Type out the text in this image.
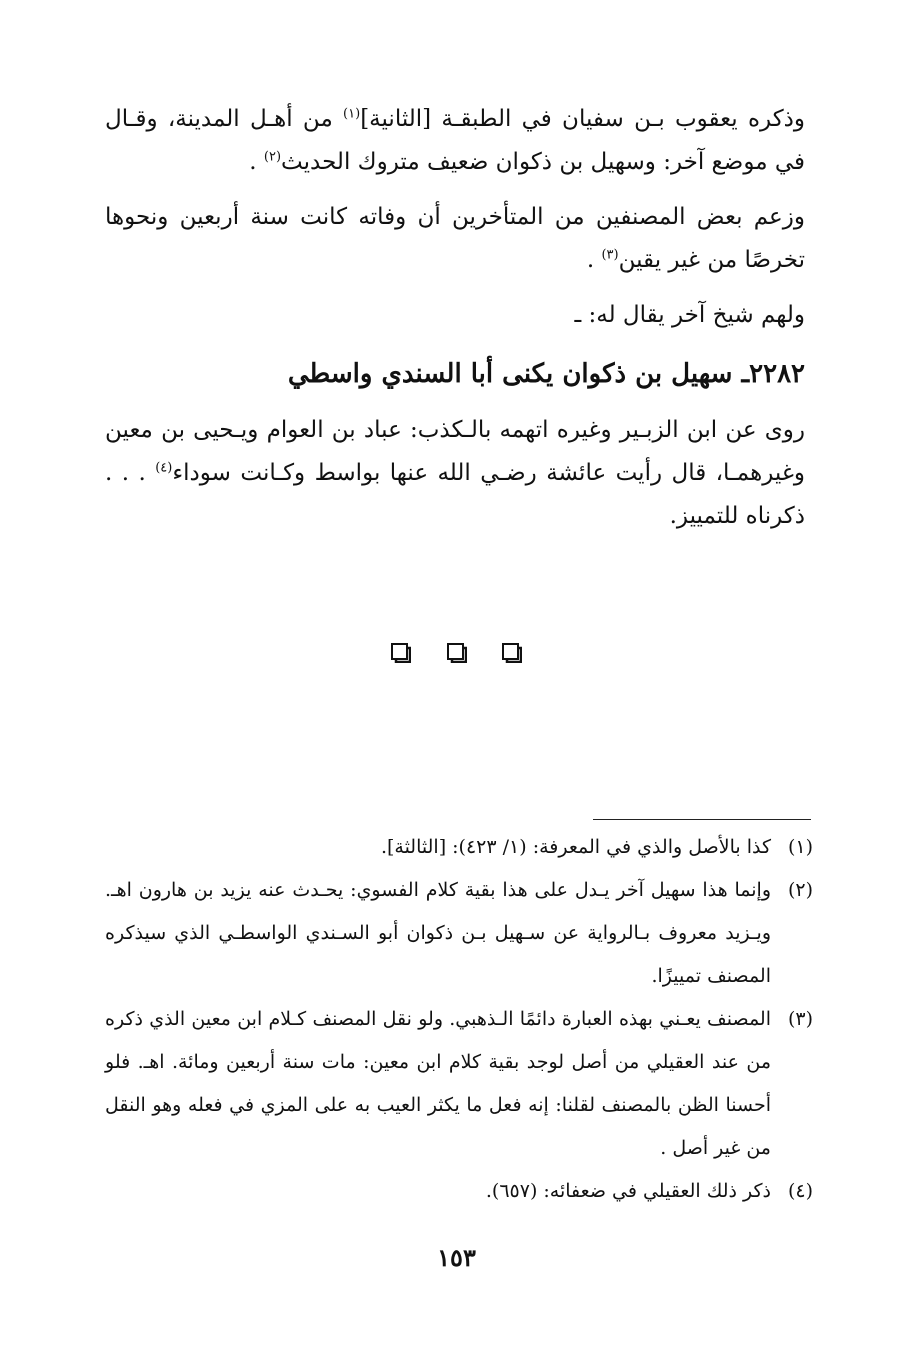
وذكره يعقوب بـن سفيان في الطبقـة [الثانية]$^{(١)}$ من أهـل المدينة، وقـال في موضع آخر: وسهيل بن ذكوان ضعيف متروك الحديث$^{(٢)}$ .

وزعم بعض المصنفين من المتأخرين أن وفاته كانت سنة أربعين ونحوها تخرصًا من غير يقين$^{(٣)}$ .

ولهم شيخ آخر يقال له: ـ

٢٢٨٢ـ سهيل بن ذكوان يكنى أبا السندي واسطي

روى عن ابن الزبـير وغيره اتهمه بالـكذب: عباد بن العوام ويـحيى بن معين وغيرهمـا، قال رأيت عائشة رضـي الله عنها بواسط وكـانت سوداء$^{(٤)}$ . . . ذكرناه للتمييز.

(١)
كذا بالأصل والذي في المعرفة: (١/ ٤٢٣): [الثالثة].

(٢)
وإنما هذا سهيل آخر يـدل على هذا بقية كلام الفسوي: يحـدث عنه يزيد بن هارون اهـ. ويـزيد معروف بـالرواية عن سـهيل بـن ذكوان أبو السـندي الواسطـي الذي سيذكره المصنف تمييزًا.

(٣)
المصنف يعـني بهذه العبارة دائمًا الـذهبي. ولو نقل المصنف كـلام ابن معين الذي ذكره من عند العقيلي من أصل لوجد بقية كلام ابن معين: مات سنة أربعين ومائة. اهـ. فلو أحسنا الظن بالمصنف لقلنا: إنه فعل ما يكثر العيب به على المزي في فعله وهو النقل من غير أصل .

(٤)
ذكر ذلك العقيلي في ضعفائه: (٦٥٧).

١٥٣
